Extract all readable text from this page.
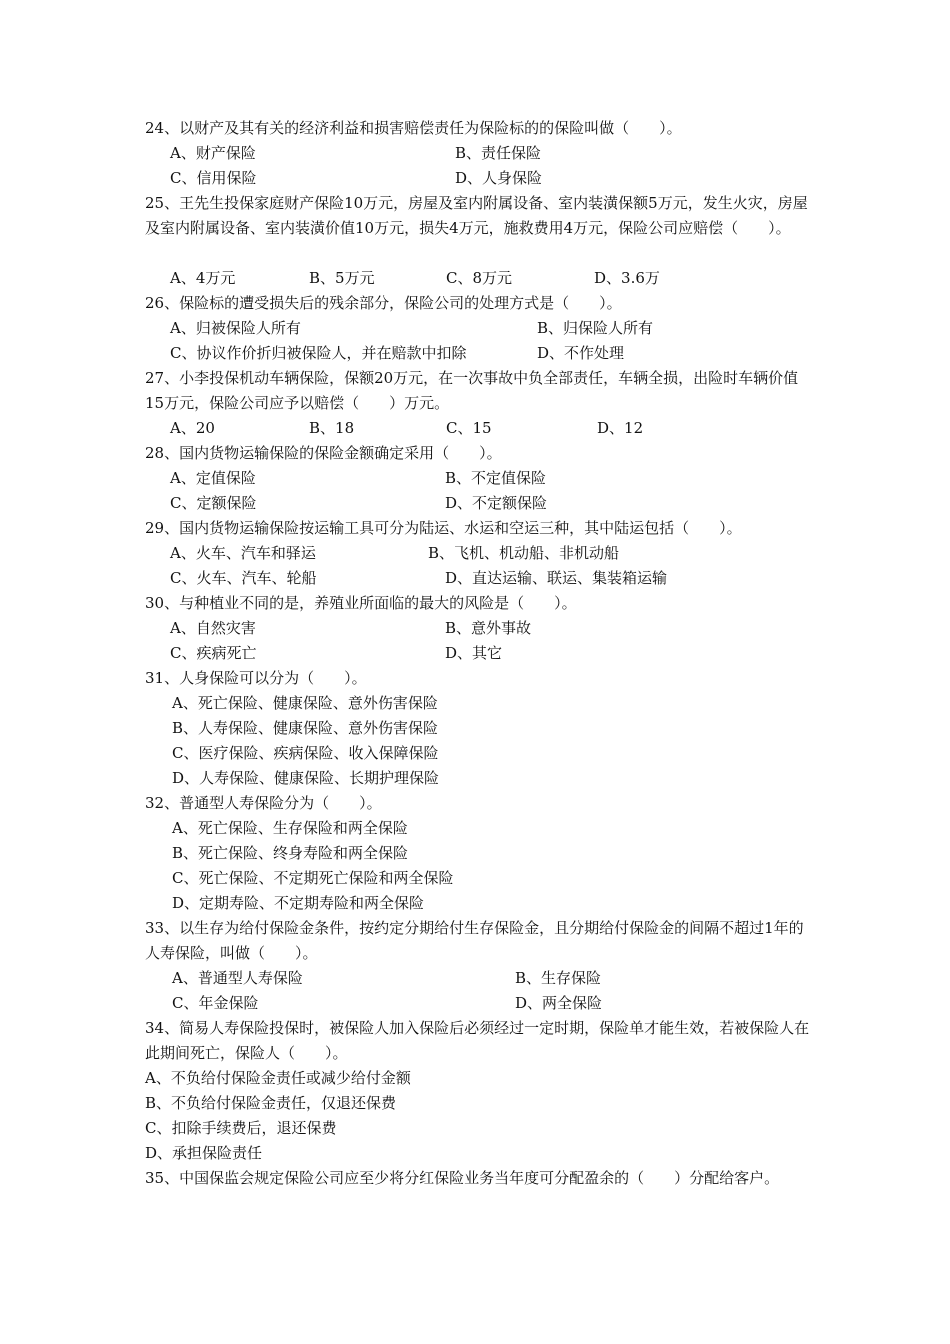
24、以财产及其有关的经济利益和损害赔偿责任为保险标的的保险叫做（　　）。
A、财产保险	B、责任保险
C、信用保险	D、人身保险
25、王先生投保家庭财产保险10万元，房屋及室内附属设备、室内装潢保额5万元，发生火灾，房屋及室内附属设备、室内装潢价值10万元，损失4万元，施救费用4万元，保险公司应赔偿（　　）。
A、4万元	B、5万元	C、8万元	D、3.6万
26、保险标的遭受损失后的残余部分，保险公司的处理方式是（　　）。
A、归被保险人所有	B、归保险人所有
C、协议作价折归被保险人，并在赔款中扣除	D、不作处理
27、小李投保机动车辆保险，保额20万元，在一次事故中负全部责任，车辆全损，出险时车辆价值15万元，保险公司应予以赔偿（　　）万元。
A、20	B、18	C、15	D、12
28、国内货物运输保险的保险金额确定采用（　　）。
A、定值保险	B、不定值保险
C、定额保险	D、不定额保险
29、国内货物运输保险按运输工具可分为陆运、水运和空运三种，其中陆运包括（　　）。
A、火车、汽车和驿运	B、飞机、机动船、非机动船
C、火车、汽车、轮船	D、直达运输、联运、集装箱运输
30、与种植业不同的是，养殖业所面临的最大的风险是（　　）。
A、自然灾害	B、意外事故
C、疾病死亡	D、其它
31、人身保险可以分为（　　）。
A、死亡保险、健康保险、意外伤害保险
B、人寿保险、健康保险、意外伤害保险
C、医疗保险、疾病保险、收入保障保险
D、人寿保险、健康保险、长期护理保险
32、普通型人寿保险分为（　　）。
A、死亡保险、生存保险和两全保险
B、死亡保险、终身寿险和两全保险
C、死亡保险、不定期死亡保险和两全保险
D、定期寿险、不定期寿险和两全保险
33、以生存为给付保险金条件，按约定分期给付生存保险金，且分期给付保险金的间隔不超过1年的人寿保险，叫做（　　）。
A、普通型人寿保险	B、生存保险
C、年金保险	D、两全保险
34、简易人寿保险投保时，被保险人加入保险后必须经过一定时期，保险单才能生效，若被保险人在此期间死亡，保险人（　　）。
A、不负给付保险金责任或减少给付金额
B、不负给付保险金责任，仅退还保费
C、扣除手续费后，退还保费
D、承担保险责任
35、中国保监会规定保险公司应至少将分红保险业务当年度可分配盈余的（　　）分配给客户。
